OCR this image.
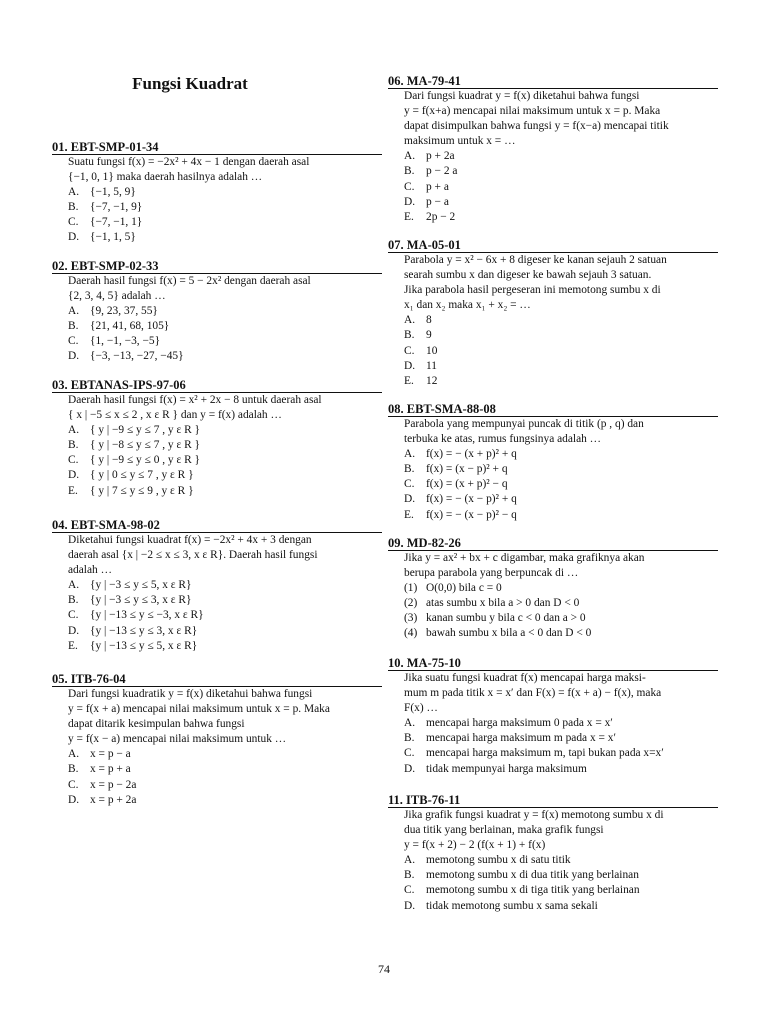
Fungsi Kuadrat
01. EBT-SMP-01-34
Suatu fungsi f(x) = −2x² + 4x − 1 dengan daerah asal
{−1, 0, 1} maka daerah hasilnya adalah …
A. {−1, 5, 9}
B. {−7, −1, 9}
C. {−7, −1, 1}
D. {−1, 1, 5}
02. EBT-SMP-02-33
Daerah hasil fungsi f(x) = 5 − 2x² dengan daerah asal
{2, 3, 4, 5} adalah …
A. {9, 23, 37, 55}
B. {21, 41, 68, 105}
C. {1, −1, −3, −5}
D. {−3, −13, −27, −45}
03. EBTANAS-IPS-97-06
Daerah hasil fungsi f(x) = x² + 2x − 8 untuk daerah asal
{ x | −5 ≤ x ≤ 2 , x ε R } dan y = f(x) adalah …
A. { y | −9 ≤ y ≤ 7 , y ε R }
B. { y | −8 ≤ y ≤ 7 , y ε R }
C. { y | −9 ≤ y ≤ 0 , y ε R }
D. { y | 0 ≤ y ≤ 7 , y ε R }
E. { y | 7 ≤ y ≤ 9 , y ε R }
04. EBT-SMA-98-02
Diketahui fungsi kuadrat f(x) = −2x² + 4x + 3 dengan
daerah asal {x | −2 ≤ x ≤ 3, x ε R}. Daerah hasil fungsi
adalah …
A. {y | −3 ≤ y ≤ 5, x ε R}
B. {y | −3 ≤ y ≤ 3, x ε R}
C. {y | −13 ≤ y ≤ −3, x ε R}
D. {y | −13 ≤ y ≤ 3, x ε R}
E. {y | −13 ≤ y ≤ 5, x ε R}
05. ITB-76-04
Dari fungsi kuadratik y = f(x) diketahui bahwa fungsi
y = f(x + a) mencapai nilai maksimum untuk x = p. Maka
dapat ditarik kesimpulan bahwa fungsi
y = f(x − a) mencapai nilai maksimum untuk …
A. x = p − a
B. x = p + a
C. x = p − 2a
D. x = p + 2a
06. MA-79-41
Dari fungsi kuadrat y = f(x) diketahui bahwa fungsi
y = f(x+a) mencapai nilai maksimum untuk x = p. Maka
dapat disimpulkan bahwa fungsi y = f(x−a) mencapai titik
maksimum untuk x = …
A. p + 2a
B. p − 2 a
C. p + a
D. p − a
E. 2p − 2
07. MA-05-01
Parabola y = x² − 6x + 8 digeser ke kanan sejauh 2 satuan
searah sumbu x dan digeser ke bawah sejauh 3 satuan.
Jika parabola hasil pergeseran ini memotong sumbu x di
x₁ dan x₂ maka x₁ + x₂ = …
A. 8
B. 9
C. 10
D. 11
E. 12
08. EBT-SMA-88-08
Parabola yang mempunyai puncak di titik (p , q) dan
terbuka ke atas, rumus fungsinya adalah …
A. f(x) = − (x + p)² + q
B. f(x) = (x − p)² + q
C. f(x) = (x + p)² − q
D. f(x) = − (x − p)² + q
E. f(x) = − (x − p)² − q
09. MD-82-26
Jika y = ax² + bx + c digambar, maka grafiknya akan
berupa parabola yang berpuncak di …
(1) O(0,0) bila c = 0
(2) atas sumbu x bila a > 0 dan D < 0
(3) kanan sumbu y bila c < 0 dan a > 0
(4) bawah sumbu x bila a < 0 dan D < 0
10. MA-75-10
Jika suatu fungsi kuadrat f(x) mencapai harga maksi-
mum m pada titik x = x′ dan F(x) = f(x + a) − f(x), maka
F(x) …
A. mencapai harga maksimum 0 pada x = x′
B. mencapai harga maksimum m pada x = x′
C. mencapai harga maksimum m, tapi bukan pada x=x′
D. tidak mempunyai harga maksimum
11. ITB-76-11
Jika grafik fungsi kuadrat y = f(x) memotong sumbu x di
dua titik yang berlainan, maka grafik fungsi
y = f(x + 2) − 2 (f(x + 1) + f(x)
A. memotong sumbu x di satu titik
B. memotong sumbu x di dua titik yang berlainan
C. memotong sumbu x di tiga titik yang berlainan
D. tidak memotong sumbu x sama sekali
74
